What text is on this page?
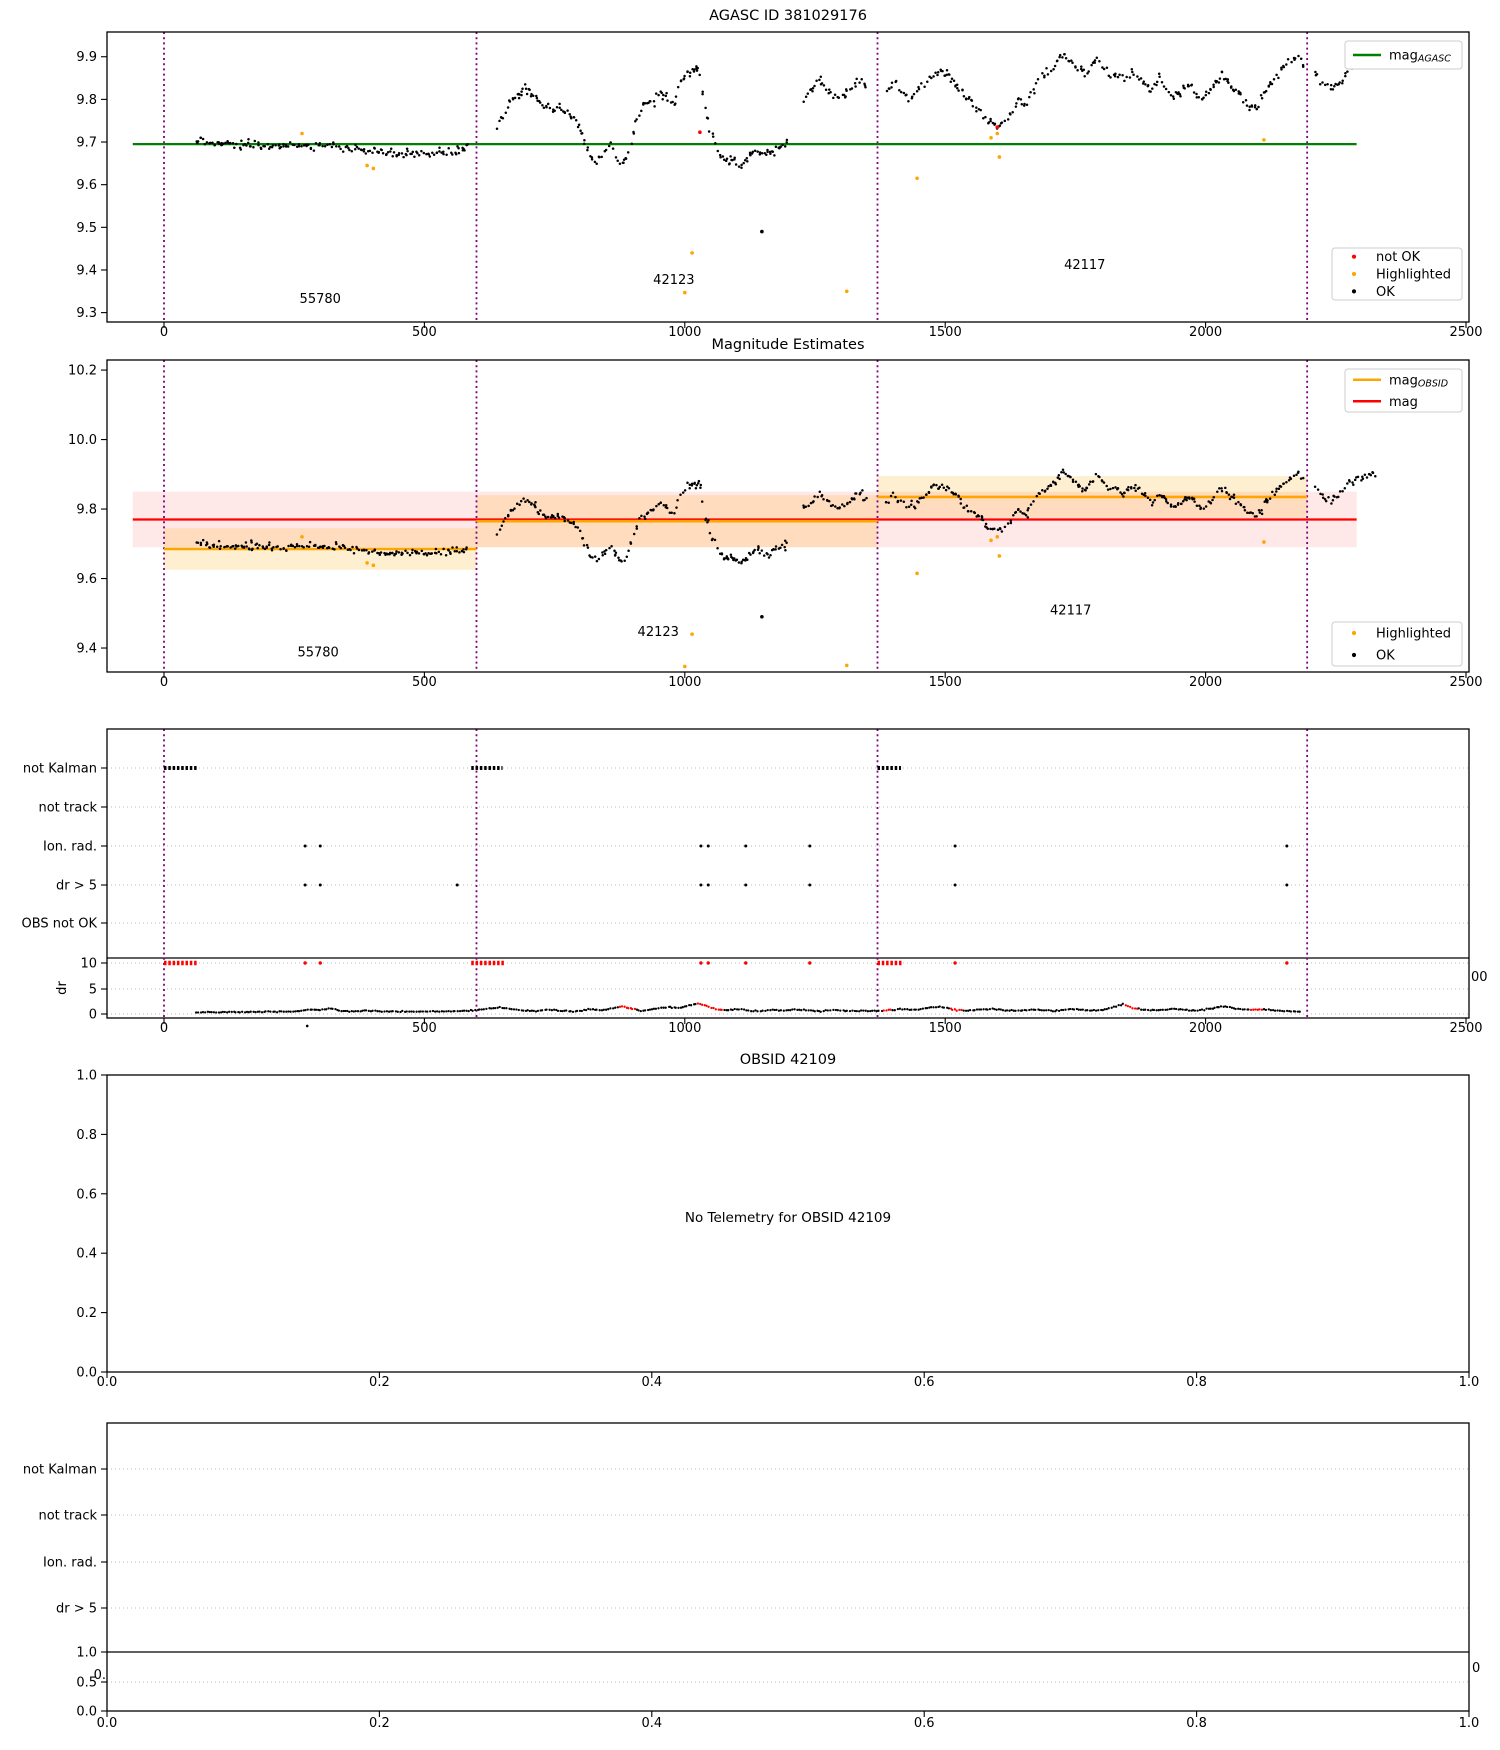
AGASC ID 381029176
55780
42123
42117
0	500	1000	1500	2000	2500
9.3
9.4
9.5
9.6
9.7
9.8
9.9	magAGASC
not OK
Highlighted
OK
Magnitude Estimates
55780
42123
42117
0	500	1000	1500	2000	2500
9.4
9.6
9.8
10.0
10.2
magOBSID
mag
Highlighted
OK
not Kalman
not track
Ion. rad.
dr > 5
OBS not OK
10
5
0
dr
00
0	500	1000	1500	2000	2500
OBSID 42109
No Telemetry for OBSID 42109
0.0	0.2	0.4	0.6	0.8	1.0
1.0
0.8
0.6
0.4
0.2
0.0
not Kalman
not track
Ion. rad.
dr > 5
1.0
0.5
0.0
0
0.
0.0	0.2	0.4	0.6	0.8	1.0
